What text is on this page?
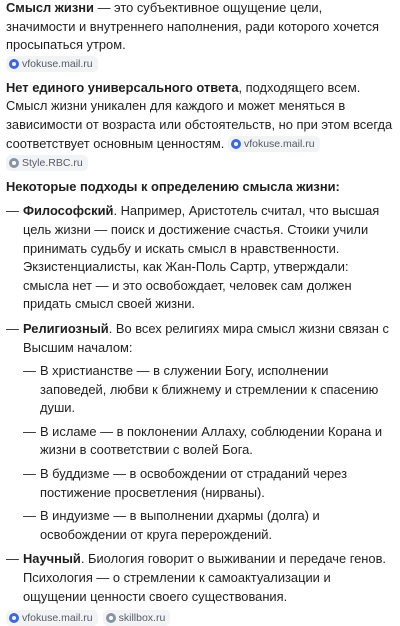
Смысл жизни — это субъективное ощущение цели, значимости и внутреннего наполнения, ради которого хочется просыпаться утром.

vfokuse.mail.ru

Нет единого универсального ответа, подходящего всем. Смысл жизни уникален для каждого и может меняться в зависимости от возраста или обстоятельств, но при этом всегда соответствует основным ценностям. vfokuse.mail.ru

Style.RBC.ru

Некоторые подходы к определению смысла жизни:

— Философский. Например, Аристотель считал, что высшая цель жизни — поиск и достижение счастья. Стоики учили принимать судьбу и искать смысл в нравственности. Экзистенциалисты, как Жан-Поль Сартр, утверждали: смысла нет — и это освобождает, человек сам должен придать смысл своей жизни.
— Религиозный. Во всех религиях мира смысл жизни связан с Высшим началом:
— В христианстве — в служении Богу, исполнении заповедей, любви к ближнему и стремлении к спасению души.
— В исламе — в поклонении Аллаху, соблюдении Корана и жизни в соответствии с волей Бога.
— В буддизме — в освобождении от страданий через постижение просветления (нирваны).
— В индуизме — в выполнении дхармы (долга) и освобождении от круга перерождений.
— Научный. Биология говорит о выживании и передаче генов. Психология — о стремлении к самоактуализации и ощущении ценности своего существования.
vfokuse.mail.ru skillbox.ru
